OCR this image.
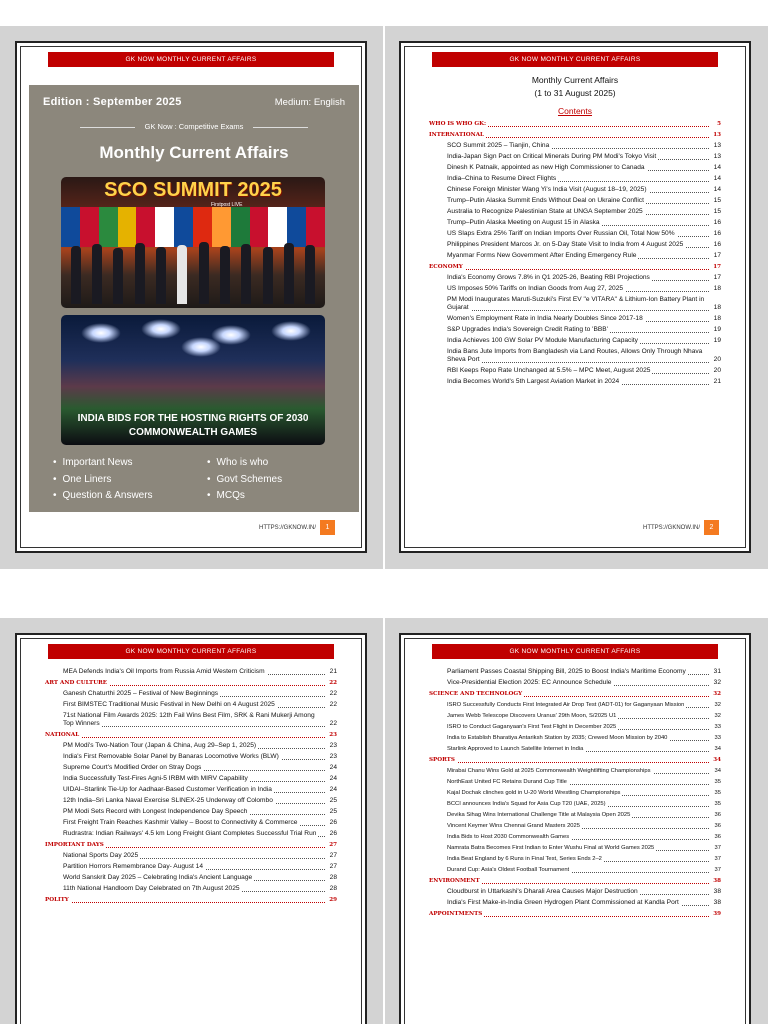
GK NOW MONTHLY CURRENT AFFAIRS
Edition : September 2025	Medium: English
GK Now : Competitive Exams
Monthly Current Affairs
SCO SUMMIT 2025
Firstpost LIVE
INDIA BIDS FOR THE HOSTING RIGHTS OF 2030 COMMONWEALTH GAMES
• Important News
• One Liners
• Question & Answers
• Who is who
• Govt Schemes
• MCQs
HTTPS://GKNOW.IN/	1
GK NOW MONTHLY CURRENT AFFAIRS
Monthly Current Affairs
(1 to 31 August 2025)
Contents
WHO IS WHO GK:	5
INTERNATIONAL	13
SCO Summit 2025 – Tianjin, China	13
India-Japan Sign Pact on Critical Minerals During PM Modi's Tokyo Visit	13
Dinesh K Patnaik, appointed as new High Commissioner to Canada	14
India–China to Resume Direct Flights	14
Chinese Foreign Minister Wang Yi's India Visit (August 18–19, 2025)	14
Trump–Putin Alaska Summit Ends Without Deal on Ukraine Conflict	15
Australia to Recognize Palestinian State at UNGA September 2025	15
Trump–Putin Alaska Meeting on August 15 in Alaska	16
US Slaps Extra 25% Tariff on Indian Imports Over Russian Oil, Total Now 50%	16
Philippines President Marcos Jr. on 5-Day State Visit to India from 4 August 2025	16
Myanmar Forms New Government After Ending Emergency Rule	17
ECONOMY	17
India's Economy Grows 7.8% in Q1 2025-26, Beating RBI Projections	17
US Imposes 50% Tariffs on Indian Goods from Aug 27, 2025	18
PM Modi Inaugurates Maruti-Suzuki's First EV "e VITARA" & Lithium-Ion Battery Plant in Gujarat	18
Women's Employment Rate in India Nearly Doubles Since 2017-18	18
S&P Upgrades India's Sovereign Credit Rating to 'BBB'	19
India Achieves 100 GW Solar PV Module Manufacturing Capacity	19
India Bans Jute Imports from Bangladesh via Land Routes, Allows Only Through Nhava Sheva Port	20
RBI Keeps Repo Rate Unchanged at 5.5% – MPC Meet, August 2025	20
India Becomes World's 5th Largest Aviation Market in 2024	21
HTTPS://GKNOW.IN/	2
GK NOW MONTHLY CURRENT AFFAIRS
MEA Defends India's Oil Imports from Russia Amid Western Criticism	21
ART AND CULTURE	22
Ganesh Chaturthi 2025 – Festival of New Beginnings	22
First BIMSTEC Traditional Music Festival in New Delhi on 4 August 2025	22
71st National Film Awards 2025: 12th Fail Wins Best Film, SRK & Rani Mukerji Among Top Winners	22
NATIONAL	23
PM Modi's Two-Nation Tour (Japan & China, Aug 29–Sep 1, 2025)	23
India's First Removable Solar Panel by Banaras Locomotive Works (BLW)	23
Supreme Court's Modified Order on Stray Dogs	24
India Successfully Test-Fires Agni-5 IRBM with MIRV Capability	24
UIDAI–Starlink Tie-Up for Aadhaar-Based Customer Verification in India	24
12th India–Sri Lanka Naval Exercise SLINEX-25 Underway off Colombo	25
PM Modi Sets Record with Longest Independence Day Speech	25
First Freight Train Reaches Kashmir Valley – Boost to Connectivity & Commerce	26
Rudrastra: Indian Railways' 4.5 km Long Freight Giant Completes Successful Trial Run	26
IMPORTANT DAYS	27
National Sports Day 2025	27
Partition Horrors Remembrance Day- August 14	27
World Sanskrit Day 2025 – Celebrating India's Ancient Language	28
11th National Handloom Day Celebrated on 7th August 2025	28
POLITY	29
GK NOW MONTHLY CURRENT AFFAIRS
Parliament Passes Coastal Shipping Bill, 2025 to Boost India's Maritime Economy	31
Vice-Presidential Election 2025: EC Announce Schedule	32
SCIENCE AND TECHNOLOGY	32
ISRO Successfully Conducts First Integrated Air Drop Test (IADT-01) for Gaganyaan Mission	32
James Webb Telescope Discovers Uranus' 29th Moon, S/2025 U1	32
ISRO to Conduct Gaganyaan's First Test Flight in December 2025	33
India to Establish Bharatiya Antariksh Station by 2035; Crewed Moon Mission by 2040	33
Starlink Approved to Launch Satellite Internet in India	34
SPORTS	34
Mirabai Chanu Wins Gold at 2025 Commonwealth Weightlifting Championships	34
NorthEast United FC Retains Durand Cup Title	35
Kajal Dochak clinches gold in U-20 World Wrestling Championships	35
BCCI announces India's Squad for Asia Cup T20 (UAE, 2025)	35
Devika Sihag Wins International Challenge Title at Malaysia Open 2025	36
Vincent Keymer Wins Chennai Grand Masters 2025	36
India Bids to Host 2030 Commonwealth Games	36
Namrata Batra Becomes First Indian to Enter Wushu Final at World Games 2025	37
India Beat England by 6 Runs in Final Test, Series Ends 2–2	37
Durand Cup: Asia's Oldest Football Tournament	37
ENVIRONMENT	38
Cloudburst in Uttarkashi's Dharali Area Causes Major Destruction	38
India's First Make-in-India Green Hydrogen Plant Commissioned at Kandla Port	38
APPOINTMENTS	39
